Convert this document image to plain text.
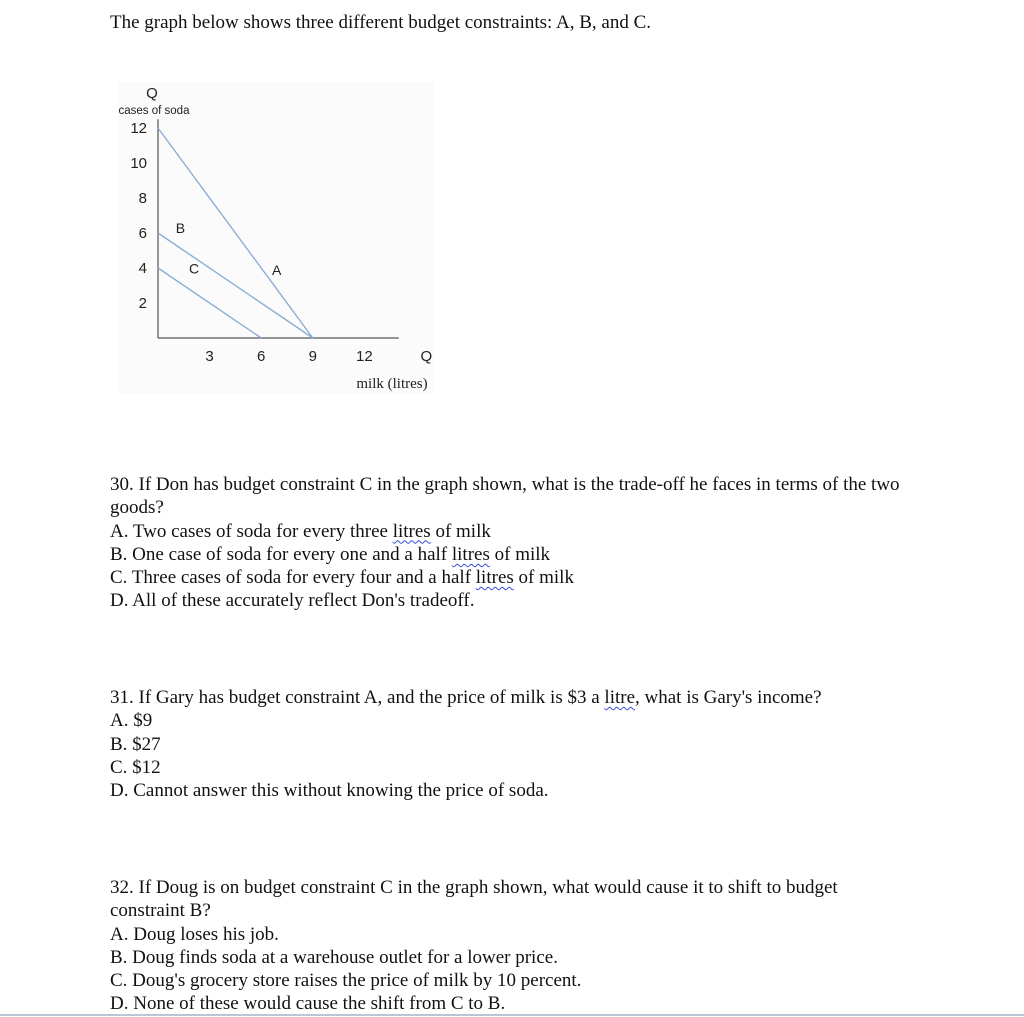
The graph below shows three different budget constraints: A, B, and C.
A
B
C
12
10
8
6
4
2
3	6	9	12
Q
cases of soda
Q
milk (litres)

30. If Don has budget constraint C in the graph shown, what is the trade-off he faces in terms of the two goods?

A. Two cases of soda for every three litres of milk

B. One case of soda for every one and a half litres of milk

C. Three cases of soda for every four and a half litres of milk

D. All of these accurately reflect Don's tradeoff.

31. If Gary has budget constraint A, and the price of milk is $3 a litre, what is Gary's income?

A. $9

B. $27

C. $12

D. Cannot answer this without knowing the price of soda.

32. If Doug is on budget constraint C in the graph shown, what would cause it to shift to budget constraint B?

A. Doug loses his job.

B. Doug finds soda at a warehouse outlet for a lower price.

C. Doug's grocery store raises the price of milk by 10 percent.

D. None of these would cause the shift from C to B.
